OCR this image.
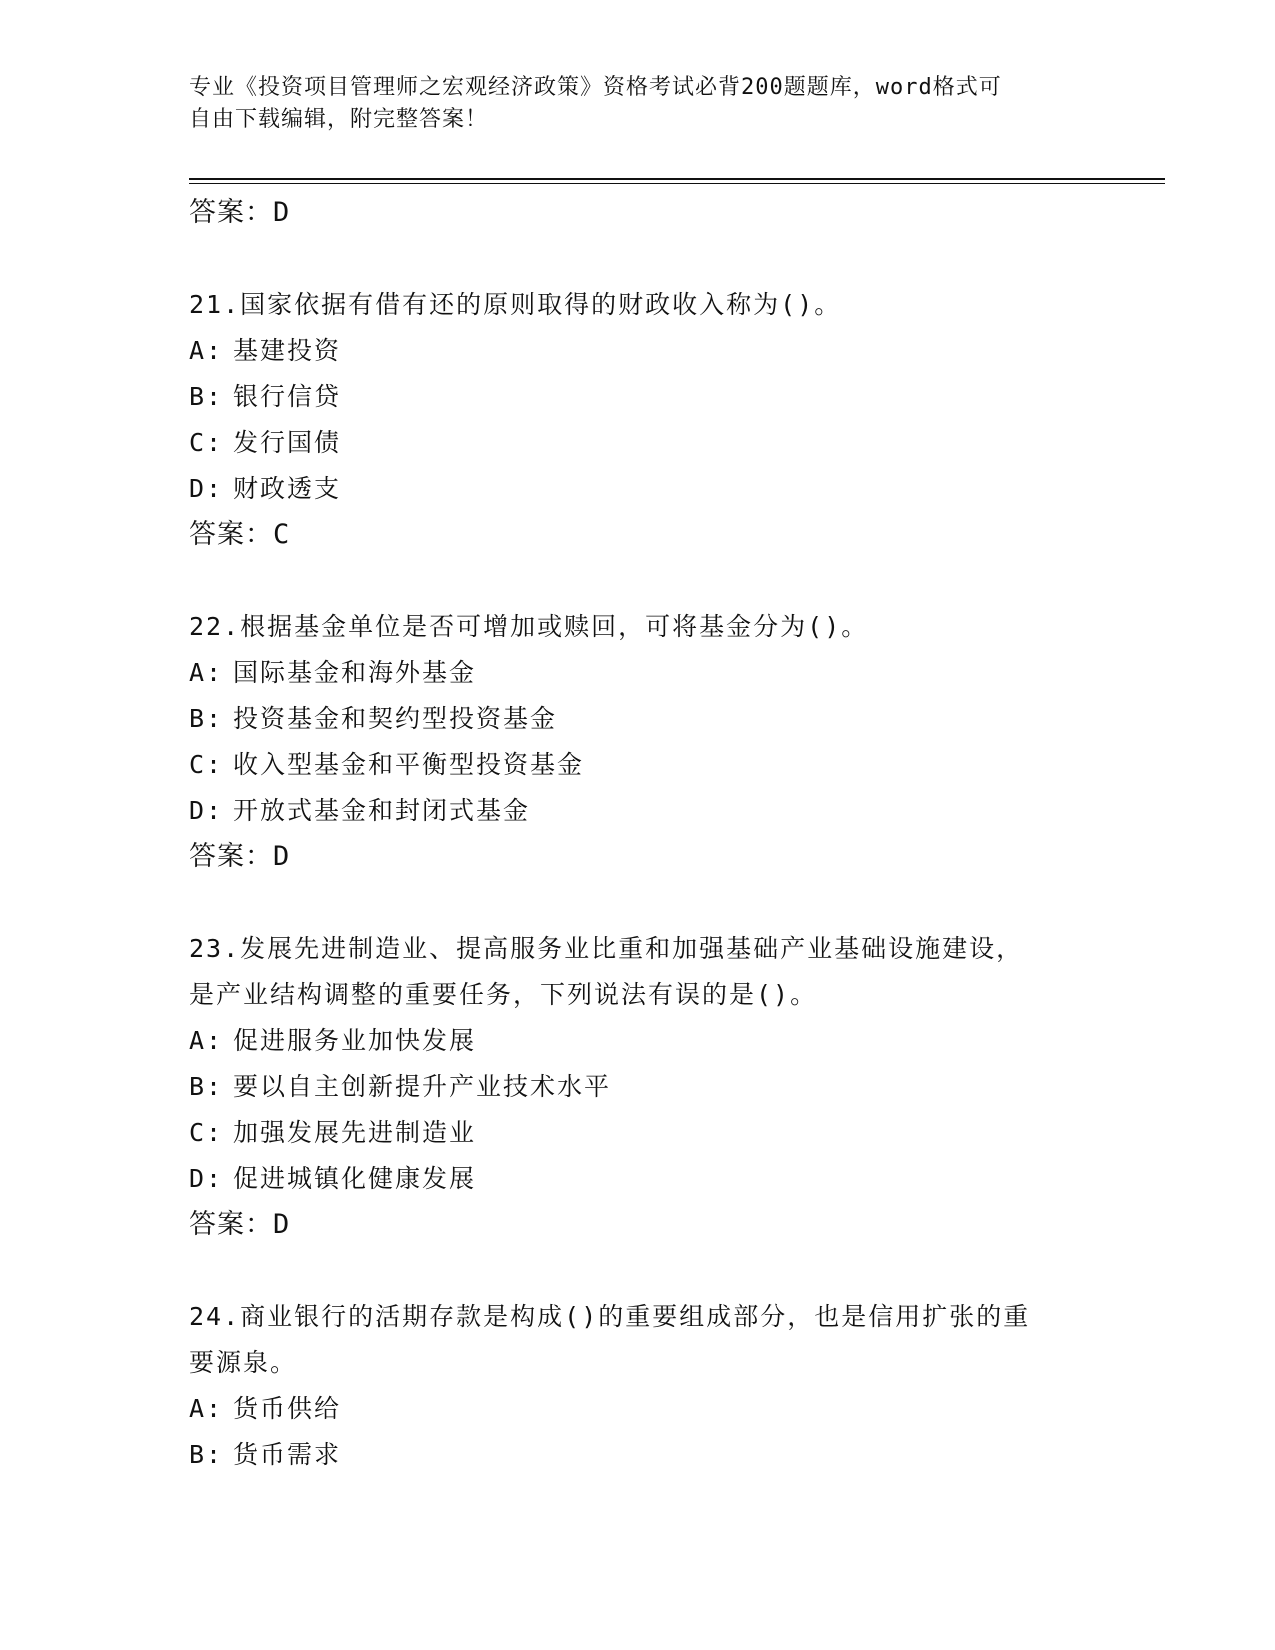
专业《投资项目管理师之宏观经济政策》资格考试必背200题题库，word格式可
自由下载编辑，附完整答案！
答案：D
21.国家依据有借有还的原则取得的财政收入称为()。
A: 基建投资
B: 银行信贷
C: 发行国债
D: 财政透支
答案：C
22.根据基金单位是否可增加或赎回，可将基金分为()。
A: 国际基金和海外基金
B: 投资基金和契约型投资基金
C: 收入型基金和平衡型投资基金
D: 开放式基金和封闭式基金
答案：D
23.发展先进制造业、提高服务业比重和加强基础产业基础设施建设，
是产业结构调整的重要任务，下列说法有误的是()。
A: 促进服务业加快发展
B: 要以自主创新提升产业技术水平
C: 加强发展先进制造业
D: 促进城镇化健康发展
答案：D
24.商业银行的活期存款是构成()的重要组成部分，也是信用扩张的重
要源泉。
A: 货币供给
B: 货币需求
